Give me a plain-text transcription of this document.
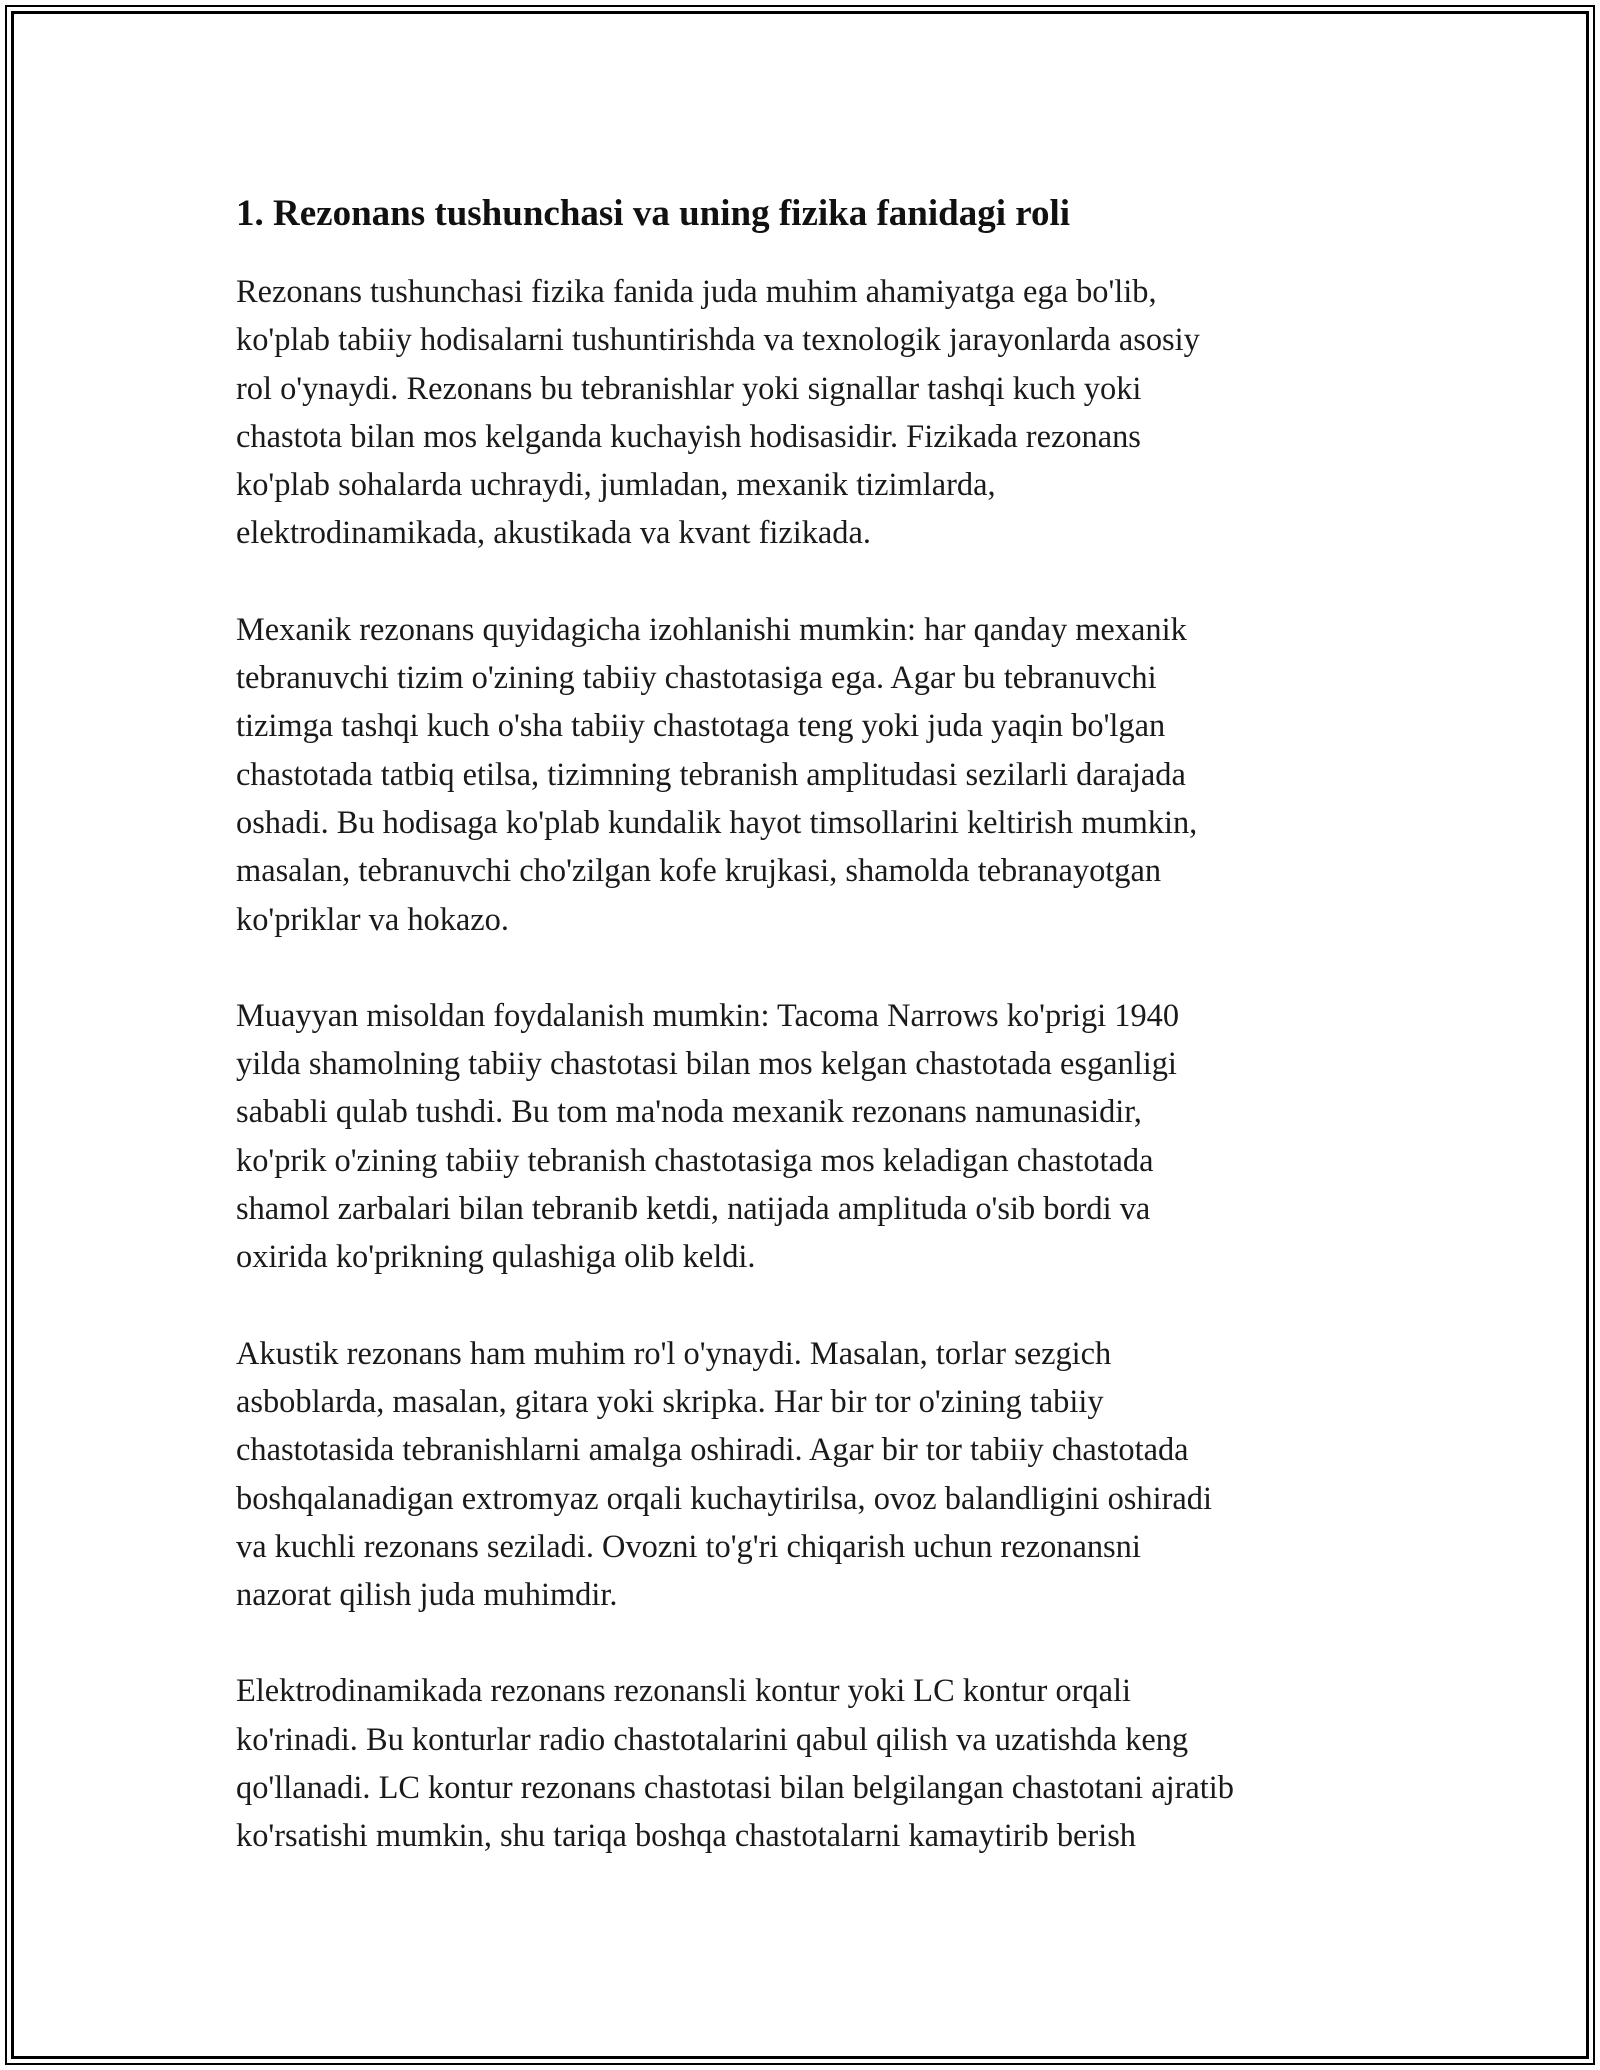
1. Rezonans tushunchasi va uning fizika fanidagi roli

Rezonans tushunchasi fizika fanida juda muhim ahamiyatga ega bo'lib,
ko'plab tabiiy hodisalarni tushuntirishda va texnologik jarayonlarda asosiy
rol o'ynaydi. Rezonans bu tebranishlar yoki signallar tashqi kuch yoki
chastota bilan mos kelganda kuchayish hodisasidir. Fizikada rezonans
ko'plab sohalarda uchraydi, jumladan, mexanik tizimlarda,
elektrodinamikada, akustikada va kvant fizikada.

Mexanik rezonans quyidagicha izohlanishi mumkin: har qanday mexanik
tebranuvchi tizim o'zining tabiiy chastotasiga ega. Agar bu tebranuvchi
tizimga tashqi kuch o'sha tabiiy chastotaga teng yoki juda yaqin bo'lgan
chastotada tatbiq etilsa, tizimning tebranish amplitudasi sezilarli darajada
oshadi. Bu hodisaga ko'plab kundalik hayot timsollarini keltirish mumkin,
masalan, tebranuvchi cho'zilgan kofe krujkasi, shamolda tebranayotgan
ko'priklar va hokazo.

Muayyan misoldan foydalanish mumkin: Tacoma Narrows ko'prigi 1940
yilda shamolning tabiiy chastotasi bilan mos kelgan chastotada esganligi
sababli qulab tushdi. Bu tom ma'noda mexanik rezonans namunasidir,
ko'prik o'zining tabiiy tebranish chastotasiga mos keladigan chastotada
shamol zarbalari bilan tebranib ketdi, natijada amplituda o'sib bordi va
oxirida ko'prikning qulashiga olib keldi.

Akustik rezonans ham muhim ro'l o'ynaydi. Masalan, torlar sezgich
asboblarda, masalan, gitara yoki skripka. Har bir tor o'zining tabiiy
chastotasida tebranishlarni amalga oshiradi. Agar bir tor tabiiy chastotada
boshqalanadigan extromyaz orqali kuchaytirilsa, ovoz balandligini oshiradi
va kuchli rezonans seziladi. Ovozni to'g'ri chiqarish uchun rezonansni
nazorat qilish juda muhimdir.

Elektrodinamikada rezonans rezonansli kontur yoki LC kontur orqali
ko'rinadi. Bu konturlar radio chastotalarini qabul qilish va uzatishda keng
qo'llanadi. LC kontur rezonans chastotasi bilan belgilangan chastotani ajratib
ko'rsatishi mumkin, shu tariqa boshqa chastotalarni kamaytirib berish
